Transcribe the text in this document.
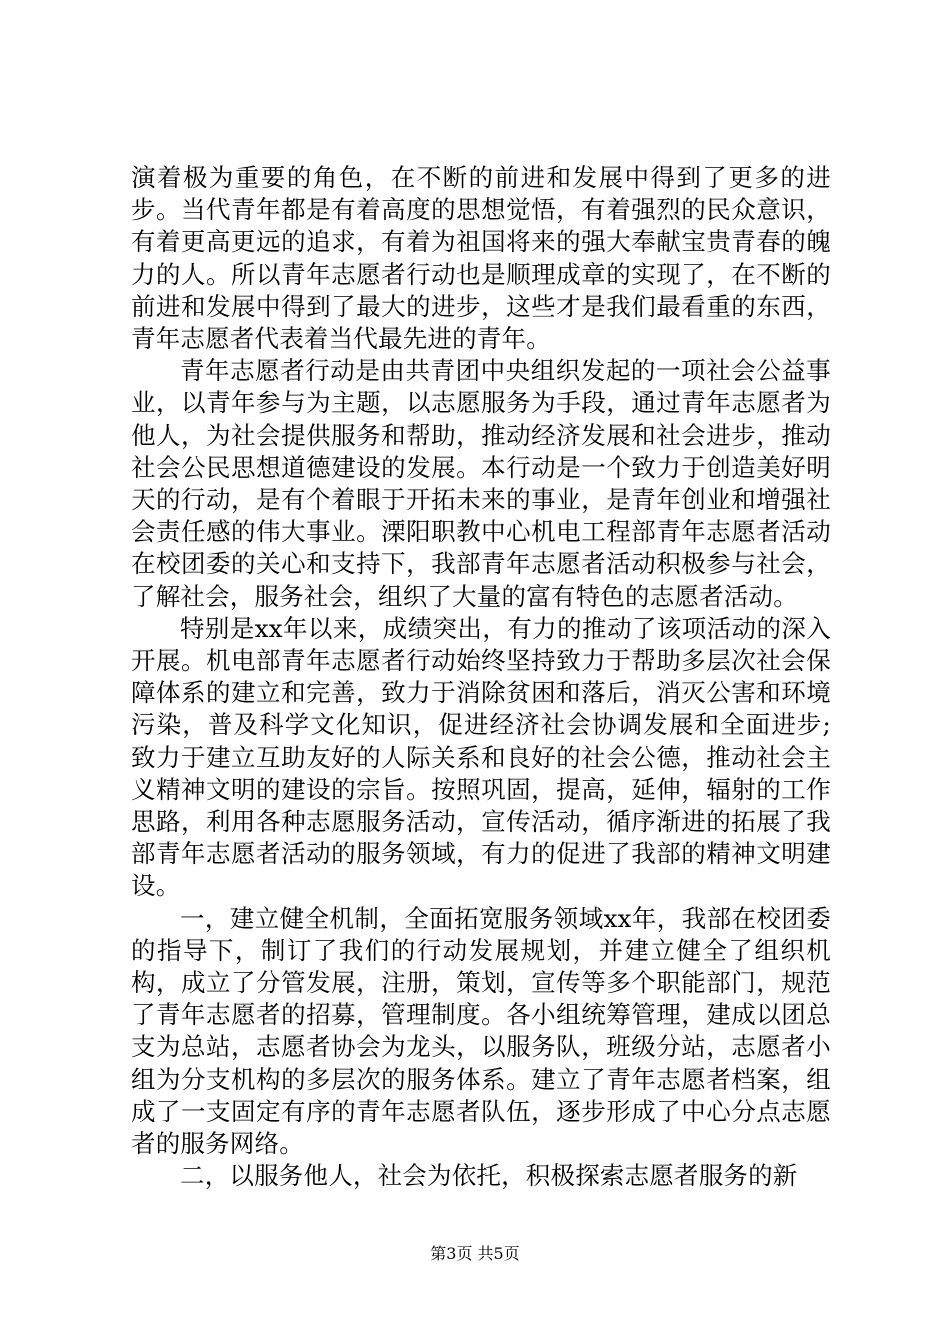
演着极为重要的角色，在不断的前进和发展中得到了更多的进步。当代青年都是有着高度的思想觉悟，有着强烈的民众意识，有着更高更远的追求，有着为祖国将来的强大奉献宝贵青春的魄力的人。所以青年志愿者行动也是顺理成章的实现了，在不断的前进和发展中得到了最大的进步，这些才是我们最看重的东西，青年志愿者代表着当代最先进的青年。

青年志愿者行动是由共青团中央组织发起的一项社会公益事业，以青年参与为主题，以志愿服务为手段，通过青年志愿者为他人，为社会提供服务和帮助，推动经济发展和社会进步，推动社会公民思想道德建设的发展。本行动是一个致力于创造美好明天的行动，是有个着眼于开拓未来的事业，是青年创业和增强社会责任感的伟大事业。溧阳职教中心机电工程部青年志愿者活动在校团委的关心和支持下，我部青年志愿者活动积极参与社会，了解社会，服务社会，组织了大量的富有特色的志愿者活动。

特别是xx年以来，成绩突出，有力的推动了该项活动的深入开展。机电部青年志愿者行动始终坚持致力于帮助多层次社会保障体系的建立和完善，致力于消除贫困和落后，消灭公害和环境污染，普及科学文化知识，促进经济社会协调发展和全面进步;致力于建立互助友好的人际关系和良好的社会公德，推动社会主义精神文明的建设的宗旨。按照巩固，提高，延伸，辐射的工作思路，利用各种志愿服务活动，宣传活动，循序渐进的拓展了我部青年志愿者活动的服务领域，有力的促进了我部的精神文明建设。

一，建立健全机制，全面拓宽服务领域xx年，我部在校团委的指导下，制订了我们的行动发展规划，并建立健全了组织机构，成立了分管发展，注册，策划，宣传等多个职能部门，规范了青年志愿者的招募，管理制度。各小组统筹管理，建成以团总支为总站，志愿者协会为龙头，以服务队，班级分站，志愿者小组为分支机构的多层次的服务体系。建立了青年志愿者档案，组成了一支固定有序的青年志愿者队伍，逐步形成了中心分点志愿者的服务网络。

二，以服务他人，社会为依托，积极探索志愿者服务的新

第3页 共5页
